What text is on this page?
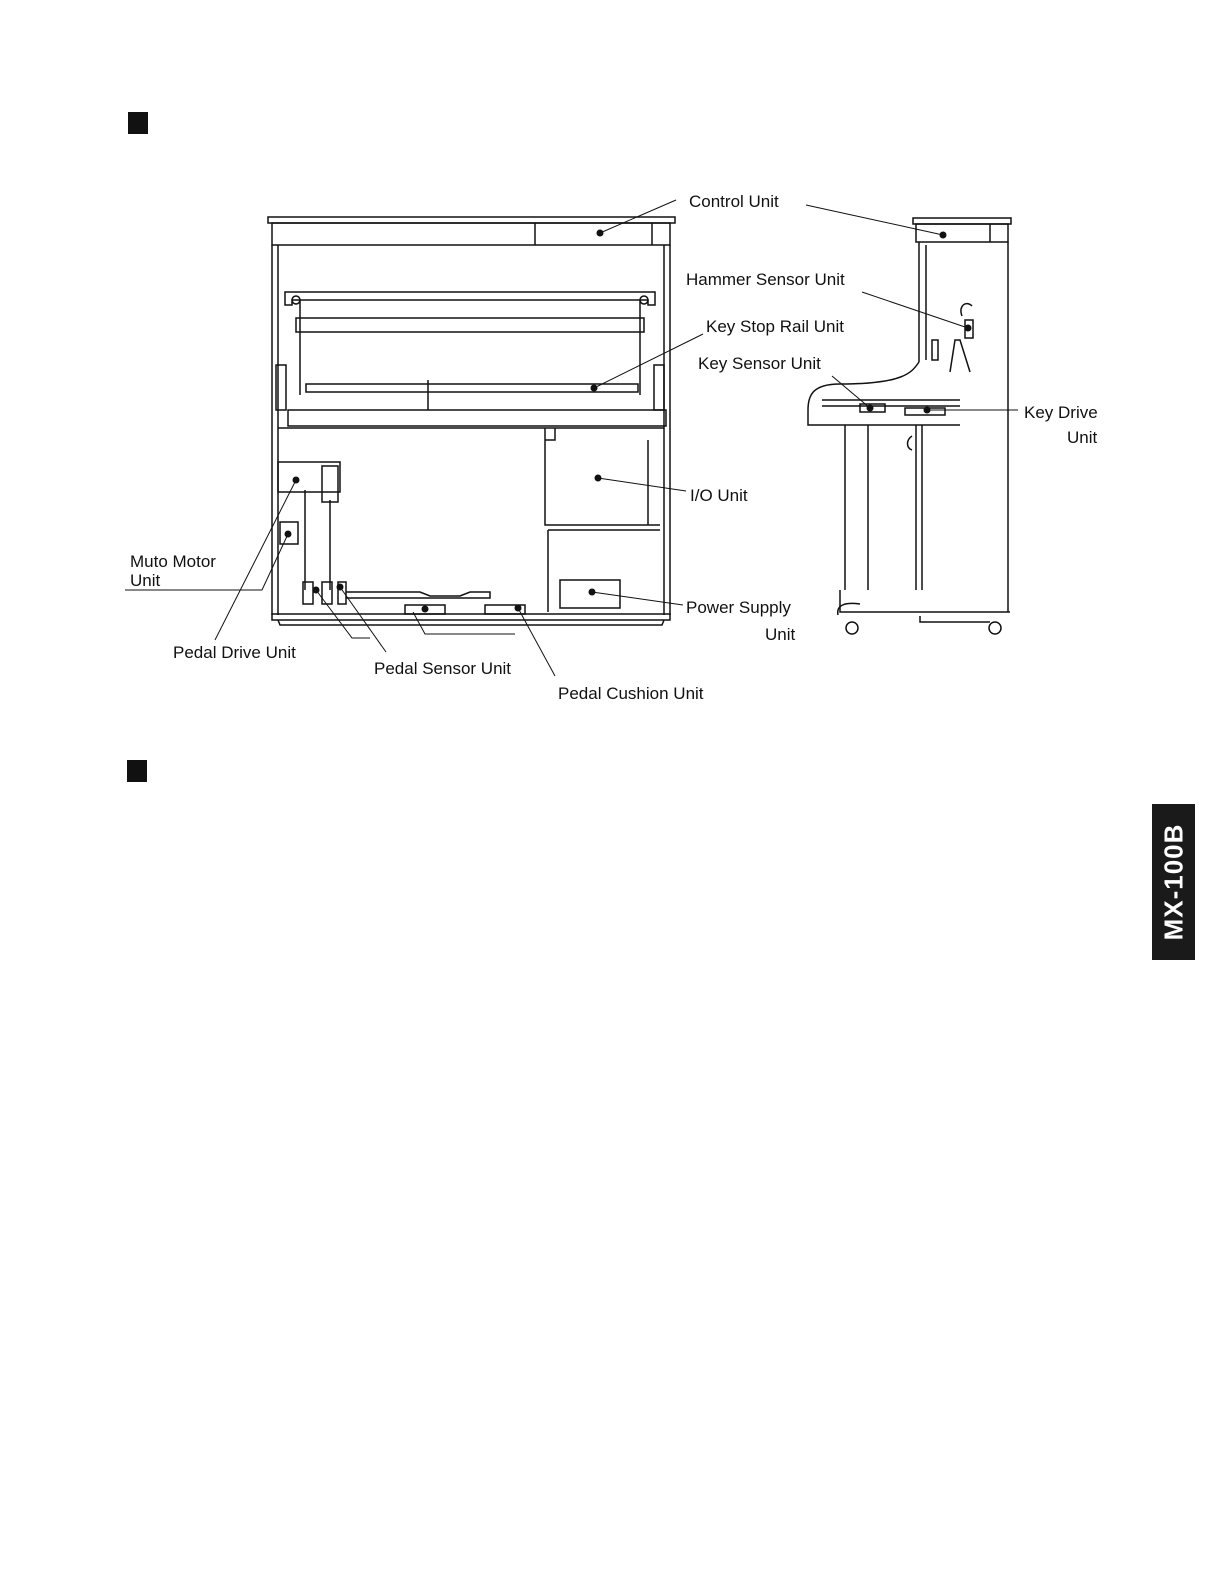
Control Unit
Hammer Sensor Unit
Key Stop Rail Unit
Key Sensor Unit
Key Drive
Unit
I/O Unit
Muto Motor
Unit
Power Supply
Unit
Pedal Drive Unit
Pedal Sensor Unit
Pedal Cushion Unit
MX-100B
